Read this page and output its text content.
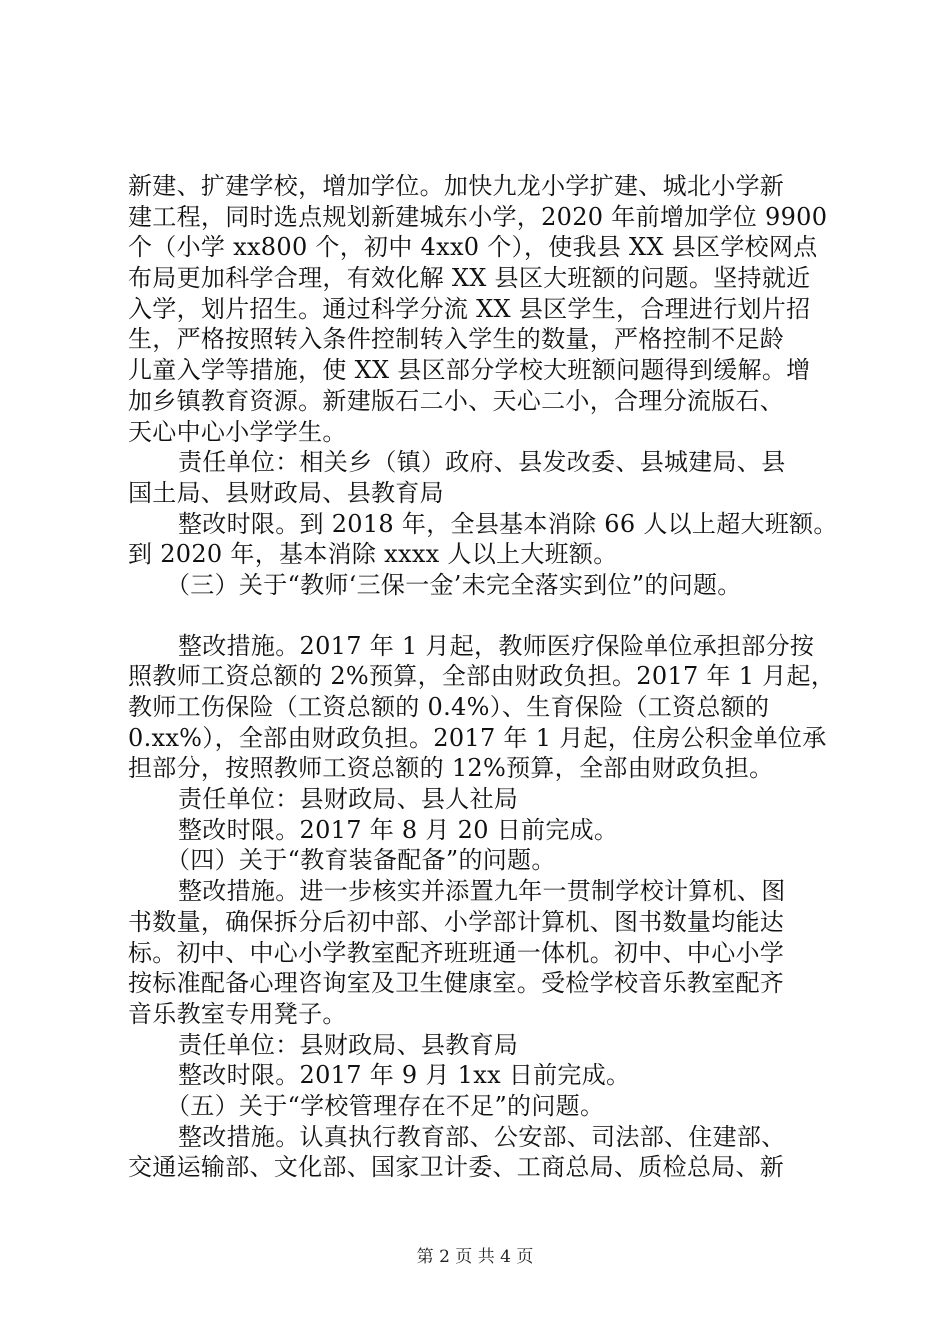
新建、扩建学校，增加学位。加快九龙小学扩建、城北小学新
建工程，同时选点规划新建城东小学，2020 年前增加学位 9900
个（小学 xx800 个，初中 4xx0 个），使我县 XX 县区学校网点
布局更加科学合理，有效化解 XX 县区大班额的问题。坚持就近
入学，划片招生。通过科学分流 XX 县区学生，合理进行划片招
生，严格按照转入条件控制转入学生的数量，严格控制不足龄
儿童入学等措施，使 XX 县区部分学校大班额问题得到缓解。增
加乡镇教育资源。新建版石二小、天心二小，合理分流版石、
天心中心小学学生。
责任单位：相关乡（镇）政府、县发改委、县城建局、县
国土局、县财政局、县教育局
整改时限。到 2018 年，全县基本消除 66 人以上超大班额。
到 2020 年，基本消除 xxxx 人以上大班额。
（三）关于“教师‘三保一金’未完全落实到位”的问题。
整改措施。2017 年 1 月起，教师医疗保险单位承担部分按
照教师工资总额的 2%预算，全部由财政负担。2017 年 1 月起，
教师工伤保险（工资总额的 0.4%）、生育保险（工资总额的
0.xx%），全部由财政负担。2017 年 1 月起，住房公积金单位承
担部分，按照教师工资总额的 12%预算，全部由财政负担。
责任单位：县财政局、县人社局
整改时限。2017 年 8 月 20 日前完成。
（四）关于“教育装备配备”的问题。
整改措施。进一步核实并添置九年一贯制学校计算机、图
书数量，确保拆分后初中部、小学部计算机、图书数量均能达
标。初中、中心小学教室配齐班班通一体机。初中、中心小学
按标准配备心理咨询室及卫生健康室。受检学校音乐教室配齐
音乐教室专用凳子。
责任单位：县财政局、县教育局
整改时限。2017 年 9 月 1xx 日前完成。
（五）关于“学校管理存在不足”的问题。
整改措施。认真执行教育部、公安部、司法部、住建部、
交通运输部、文化部、国家卫计委、工商总局、质检总局、新
第 2 页 共 4 页
